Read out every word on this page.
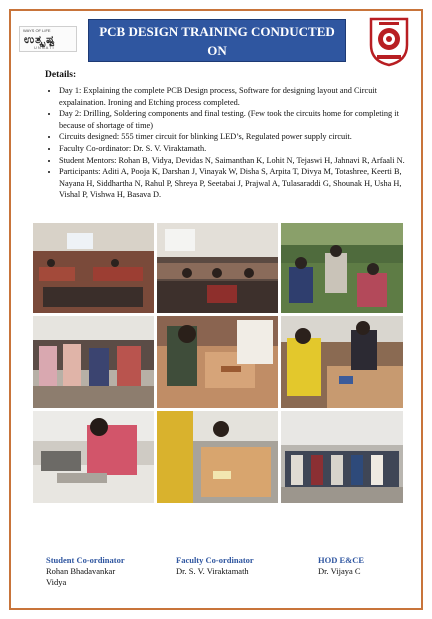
WAYS OF LIFE
ಉತ್ಕೃಷ್ಟ
UNNATI
PCB DESIGN TRAINING CONDUCTED ON
27th AND 29th OCTOBER 2021
Details:
• Day 1: Explaining the complete PCB Design process, Software for designing layout and Circuit expalaination. Ironing and Etching process completed.
• Day 2: Drilling, Soldering components and final testing. (Few took the circuits home for completing it because of shortage of time)
• Circuits designed: 555 timer circuit for blinking LED’s, Regulated power supply circuit.
• Faculty Co-ordinator: Dr. S. V. Viraktamath.
• Student Mentors: Rohan B, Vidya, Devidas N, Saimanthan K, Lohit N, Tejaswi H, Jahnavi R, Arfaali N.
• Participants: Aditi A, Pooja K, Darshan J, Vinayak W, Disha S, Arpita T, Divya M, Totashree, Keerti B, Nayana H, Siddhartha N, Rahul P, Shreya P, Seetabai J, Prajwal A, Tulasaraddi G, Shounak H, Usha H, Vishal P, Vishwa H, Basava D.
Student Co-ordinator
Rohan Bhadavankar
Vidya
Faculty Co-ordinator
Dr. S. V. Viraktamath
HOD E&CE
Dr. Vijaya C
